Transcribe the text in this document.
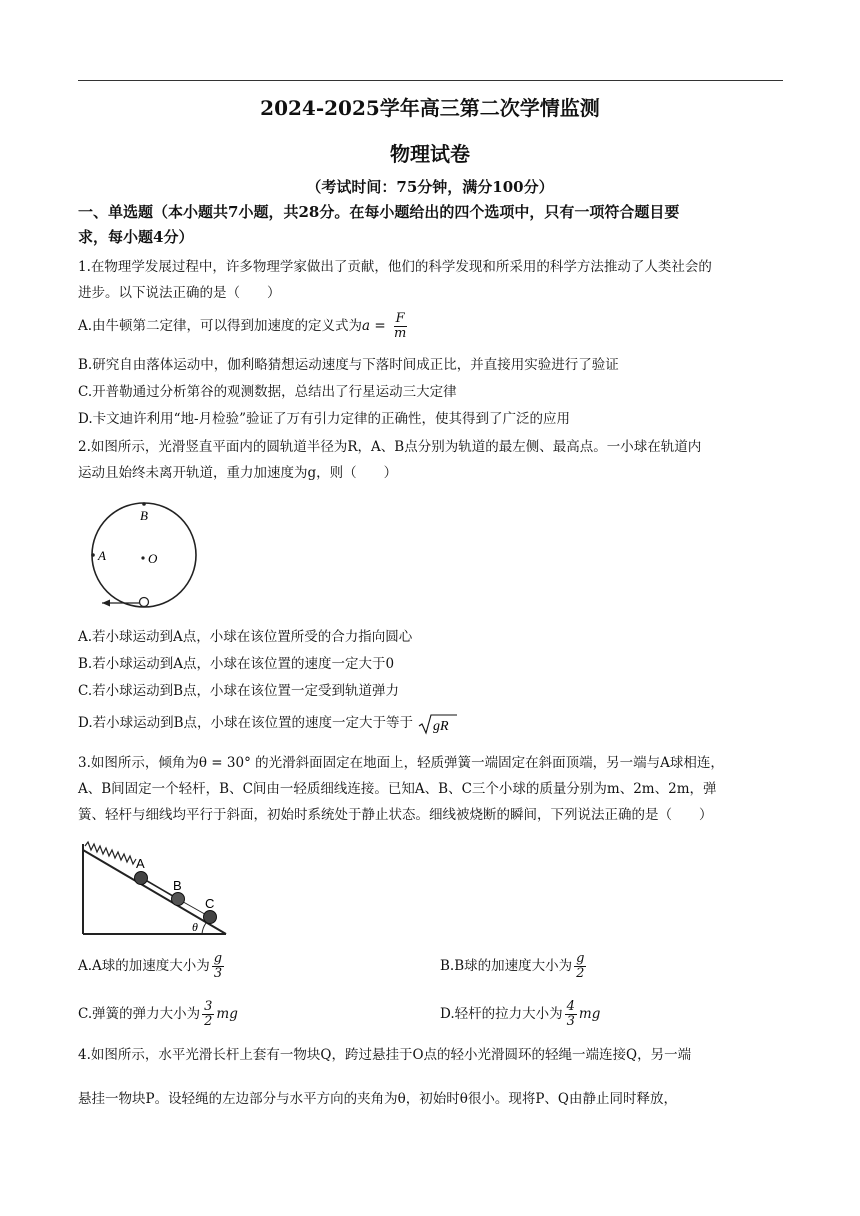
2024-2025学年高三第二次学情监测
物理试卷
（考试时间：75分钟，满分100分）
一、单选题（本小题共7小题，共28分。在每小题给出的四个选项中，只有一项符合题目要
求，每小题4分）
1.在物理学发展过程中，许多物理学家做出了贡献，他们的科学发现和所采用的科学方法推动了人类社会的
进步。以下说法正确的是（　　）
A.由牛顿第二定律，可以得到加速度的定义式为$a = \frac{F}{m}$
B.研究自由落体运动中，伽利略猜想运动速度与下落时间成正比，并直接用实验进行了验证
C.开普勒通过分析第谷的观测数据，总结出了行星运动三大定律
D.卡文迪许利用“地-月检验”验证了万有引力定律的正确性，使其得到了广泛的应用
2.如图所示，光滑竖直平面内的圆轨道半径为R，A、B点分别为轨道的最左侧、最高点。一小球在轨道内
运动且始终未离开轨道，重力加速度为g，则（　　）
B
A	O
A.若小球运动到A点，小球在该位置所受的合力指向圆心
B.若小球运动到A点，小球在该位置的速度一定大于0
C.若小球运动到B点，小球在该位置一定受到轨道弹力
D.若小球运动到B点，小球在该位置的速度一定大于等于 gR
3.如图所示，倾角为θ = 30° 的光滑斜面固定在地面上，轻质弹簧一端固定在斜面顶端，另一端与A球相连，
A、B间固定一个轻杆，B、C间由一轻质细线连接。已知A、B、C三个小球的质量分别为m、2m、2m，弹
簧、轻杆与细线均平行于斜面，初始时系统处于静止状态。细线被烧断的瞬间，下列说法正确的是（　　）
A
B
C
θ
A.A球的加速度大小为 $\frac{g}{3}$	B.B球的加速度大小为 $\frac{g}{2}$
C.弹簧的弹力大小为 $\frac{3}{2}$ mg	D.轻杆的拉力大小为 $\frac{4}{3}$ mg
4.如图所示，水平光滑长杆上套有一物块Q，跨过悬挂于O点的轻小光滑圆环的轻绳一端连接Q，另一端
悬挂一物块P。设轻绳的左边部分与水平方向的夹角为θ，初始时θ很小。现将P、Q由静止同时释放，
